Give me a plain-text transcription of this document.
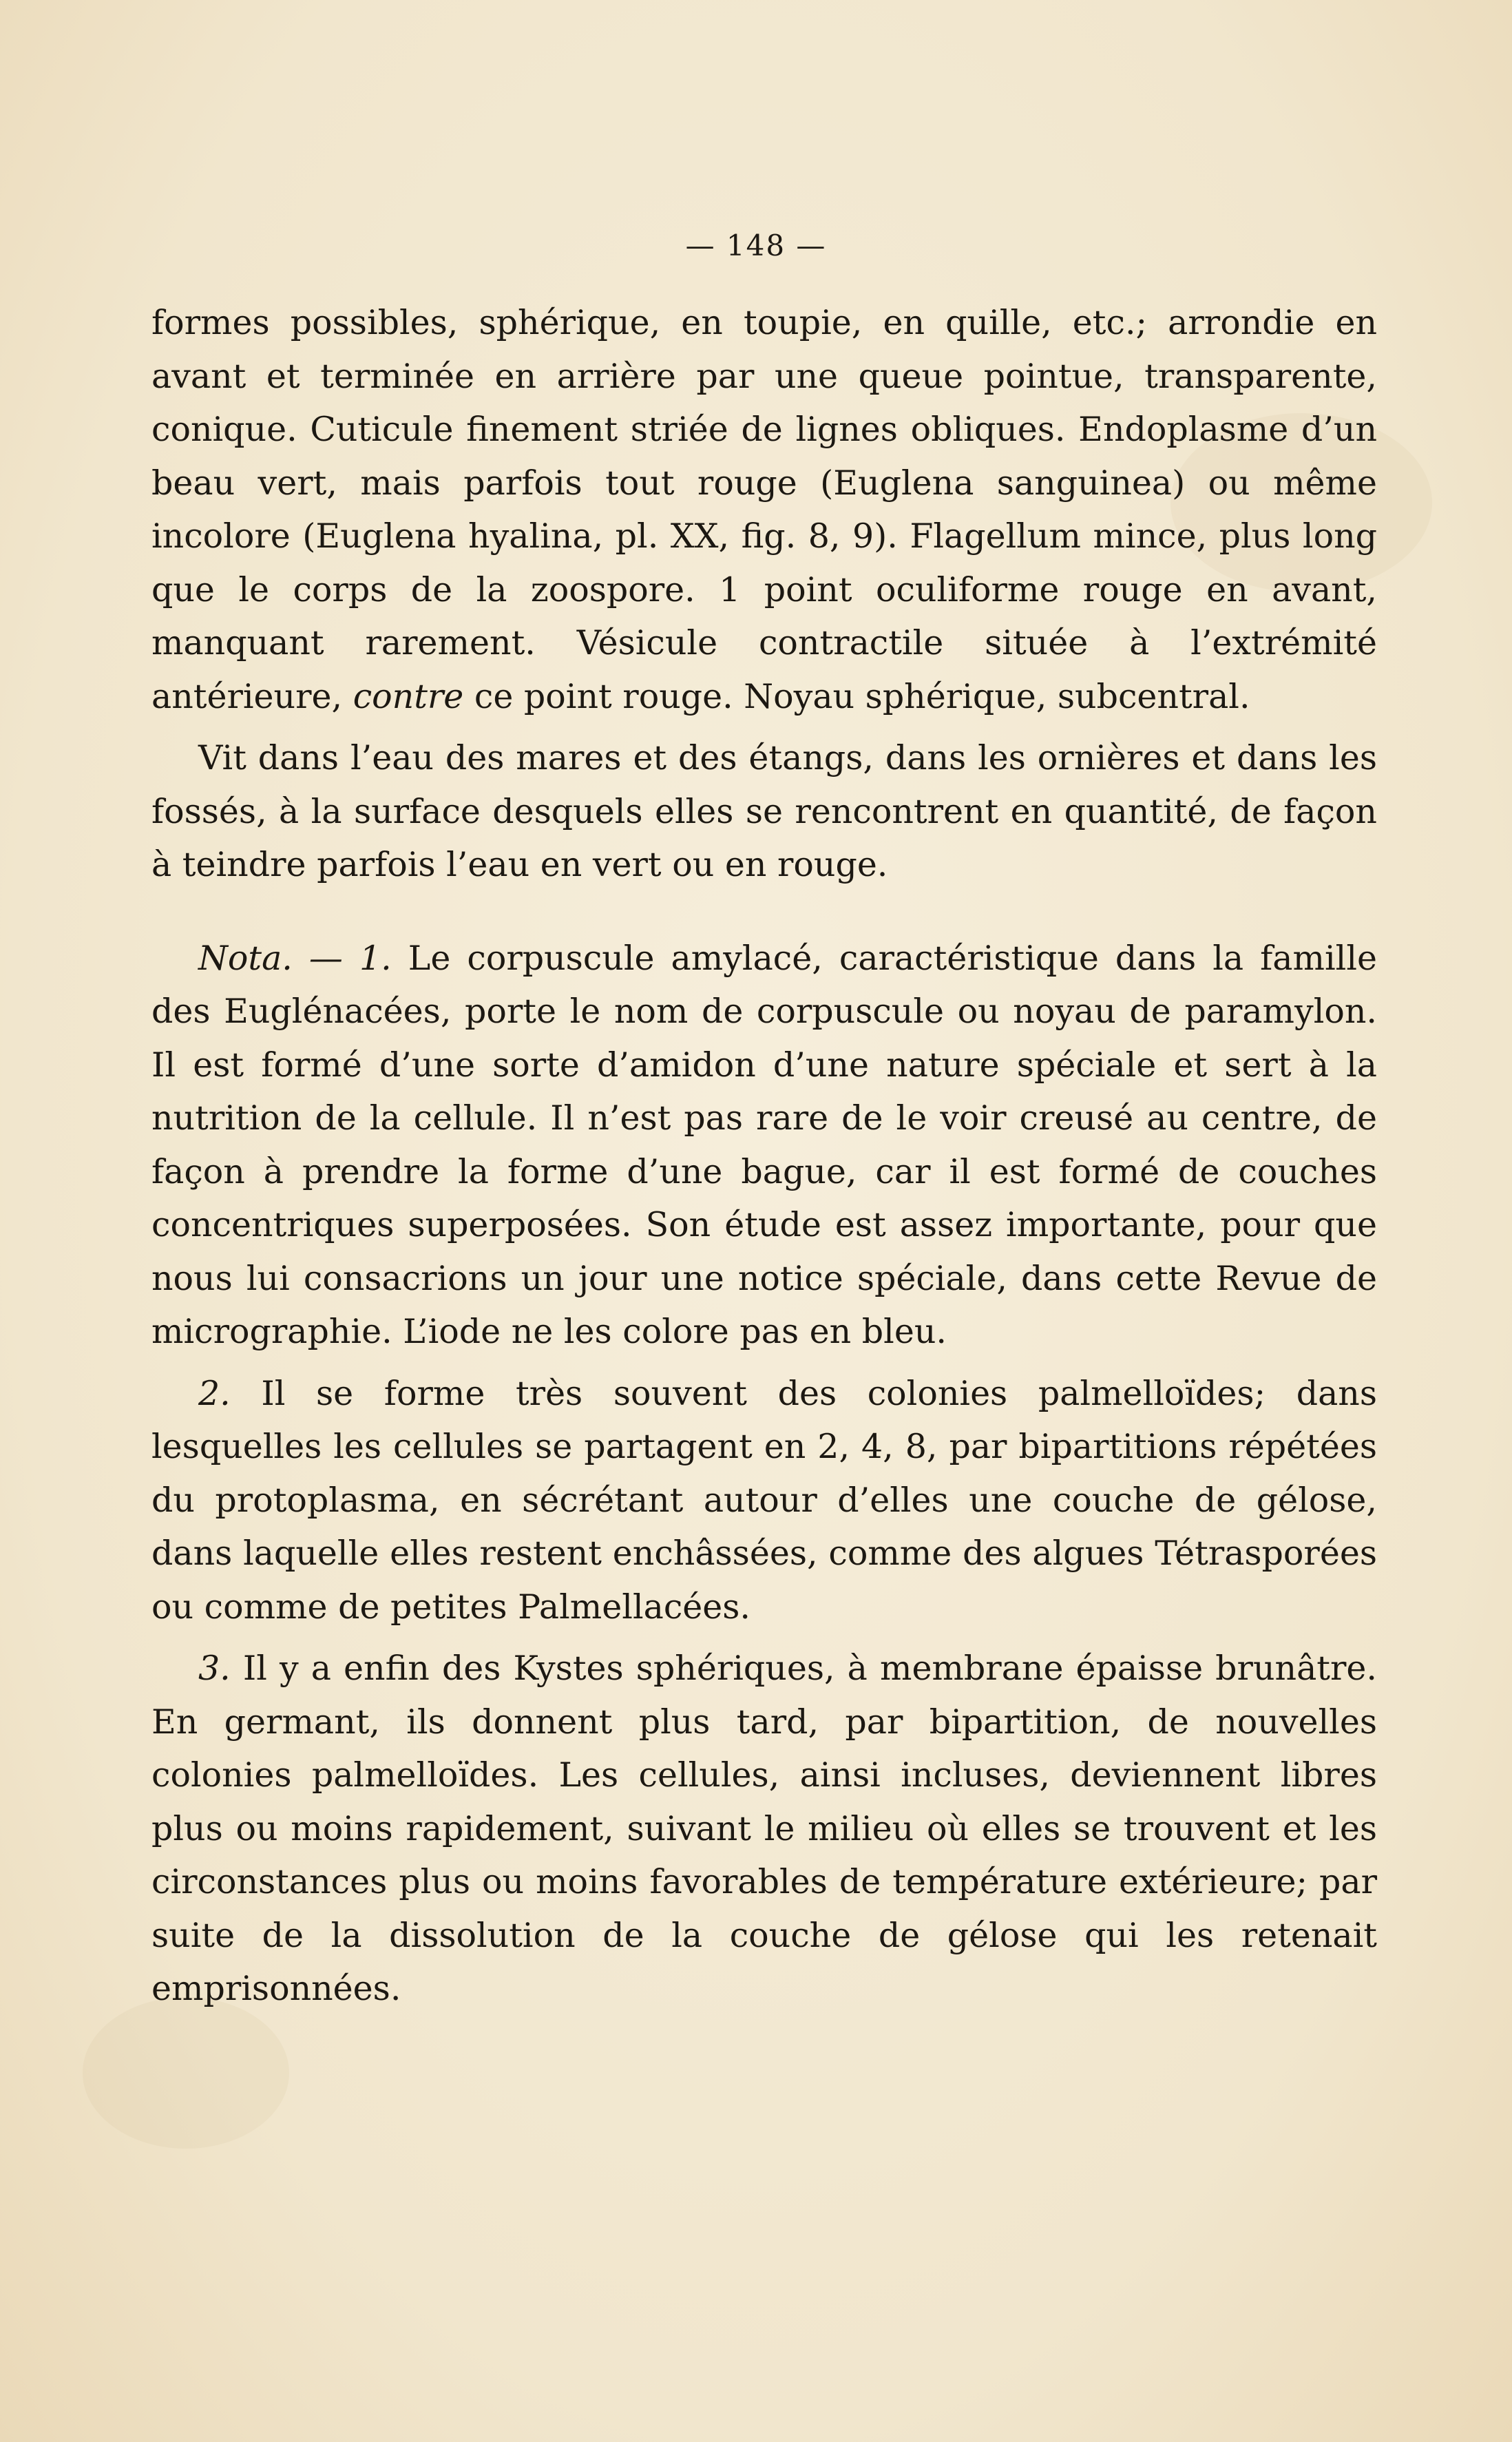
— 148 —

formes possibles, sphérique, en toupie, en quille, etc.; arrondie en avant et terminée en arrière par une queue pointue, transparente, conique. Cuticule finement striée de lignes obliques. Endoplasme d’un beau vert, mais parfois tout rouge (Euglena sanguinea) ou même incolore (Euglena hyalina, pl. XX, fig. 8, 9). Flagellum mince, plus long que le corps de la zoospore. 1 point oculiforme rouge en avant, manquant rarement. Vésicule contractile située à l’extrémité antérieure, contre ce point rouge. Noyau sphérique, subcentral.

Vit dans l’eau des mares et des étangs, dans les ornières et dans les fossés, à la surface desquels elles se rencontrent en quantité, de façon à teindre parfois l’eau en vert ou en rouge.

Nota. — 1. Le corpuscule amylacé, caractéristique dans la famille des Euglénacées, porte le nom de corpuscule ou noyau de paramylon. Il est formé d’une sorte d’amidon d’une nature spéciale et sert à la nutrition de la cellule. Il n’est pas rare de le voir creusé au centre, de façon à prendre la forme d’une bague, car il est formé de couches concentriques superposées. Son étude est assez importante, pour que nous lui consacrions un jour une notice spéciale, dans cette Revue de micrographie. L’iode ne les colore pas en bleu.

2. Il se forme très souvent des colonies palmelloïdes; dans lesquelles les cellules se partagent en 2, 4, 8, par bipartitions répétées du protoplasma, en sécrétant autour d’elles une couche de gélose, dans laquelle elles restent enchâssées, comme des algues Tétrasporées ou comme de petites Palmellacées.

3. Il y a enfin des Kystes sphériques, à membrane épaisse brunâtre. En germant, ils donnent plus tard, par bipartition, de nouvelles colonies palmelloïdes. Les cellules, ainsi incluses, deviennent libres plus ou moins rapidement, suivant le milieu où elles se trouvent et les circonstances plus ou moins favorables de température extérieure; par suite de la dissolution de la couche de gélose qui les retenait emprisonnées.
